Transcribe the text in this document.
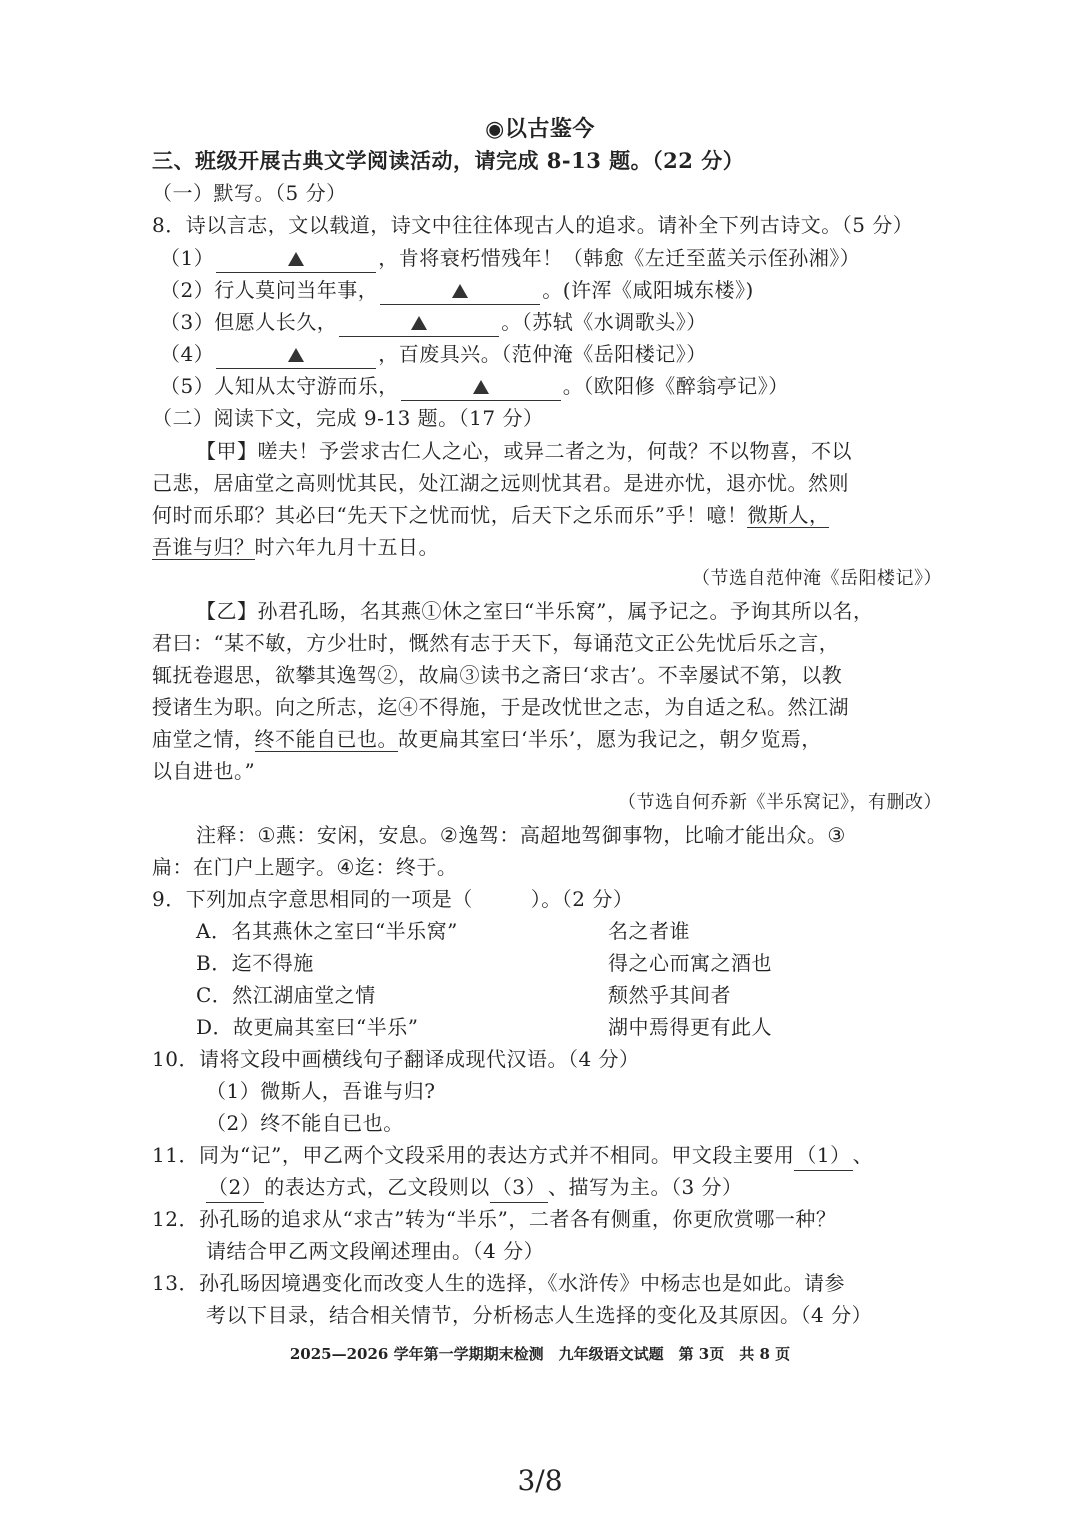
◉以古鉴今
三、班级开展古典文学阅读活动，请完成 8-13 题。（22 分）
（一）默写。（5 分）
8．诗以言志，文以载道，诗文中往往体现古人的追求。请补全下列古诗文。（5 分）
（1）	，肯将衰朽惜残年！（韩愈《左迁至蓝关示侄孙湘》）
（2）行人莫问当年事，	。(许浑《咸阳城东楼》)
（3）但愿人长久，	。（苏轼《水调歌头》）
（4）	，百废具兴。（范仲淹《岳阳楼记》）
（5）人知从太守游而乐，	。（欧阳修《醉翁亭记》）
（二）阅读下文，完成 9-13 题。（17 分）
【甲】嗟夫！予尝求古仁人之心，或异二者之为，何哉？不以物喜，不以
己悲，居庙堂之高则忧其民，处江湖之远则忧其君。是进亦忧，退亦忧。然则
何时而乐耶？其必曰“先天下之忧而忧，后天下之乐而乐”乎！噫！微斯人，
吾谁与归？时六年九月十五日。
（节选自范仲淹《岳阳楼记》）
【乙】孙君孔旸，名其燕①休之室曰“半乐窝”，属予记之。予询其所以名，
君曰：“某不敏，方少壮时，慨然有志于天下，每诵范文正公先忧后乐之言，
辄抚卷遐思，欲攀其逸驾②，故扁③读书之斋曰‘求古’。不幸屡试不第，以教
授诸生为职。向之所志，迄④不得施，于是改忧世之志，为自适之私。然江湖
庙堂之情，终不能自已也。故更扁其室曰‘半乐’，愿为我记之，朝夕览焉，
以自进也。”
（节选自何乔新《半乐窝记》，有删改）
注释：①燕：安闲，安息。②逸驾：高超地驾御事物，比喻才能出众。③
扁：在门户上题字。④迄：终于。
9．下列加点字意思相同的一项是（	）。（2 分）
A．名其燕休之室曰“半乐窝”	名之者谁
B．迄不得施	得之心而寓之酒也
C．然江湖庙堂之情	颓然乎其间者
D．故更扁其室曰“半乐”	湖中焉得更有此人
10．请将文段中画横线句子翻译成现代汉语。（4 分）
（1）微斯人，吾谁与归?
（2）终不能自已也。
11．同为“记”，甲乙两个文段采用的表达方式并不相同。甲文段主要用 （1） 、
（2） 的表达方式，乙文段则以 （3） 、描写为主。（3 分）
12．孙孔旸的追求从“求古”转为“半乐”，二者各有侧重，你更欣赏哪一种？
请结合甲乙两文段阐述理由。（4 分）
13．孙孔旸因境遇变化而改变人生的选择，《水浒传》中杨志也是如此。请参
考以下目录，结合相关情节，分析杨志人生选择的变化及其原因。（4 分）
2025—2026 学年第一学期期末检测　九年级语文试题　第 3页　共 8 页
3/8
